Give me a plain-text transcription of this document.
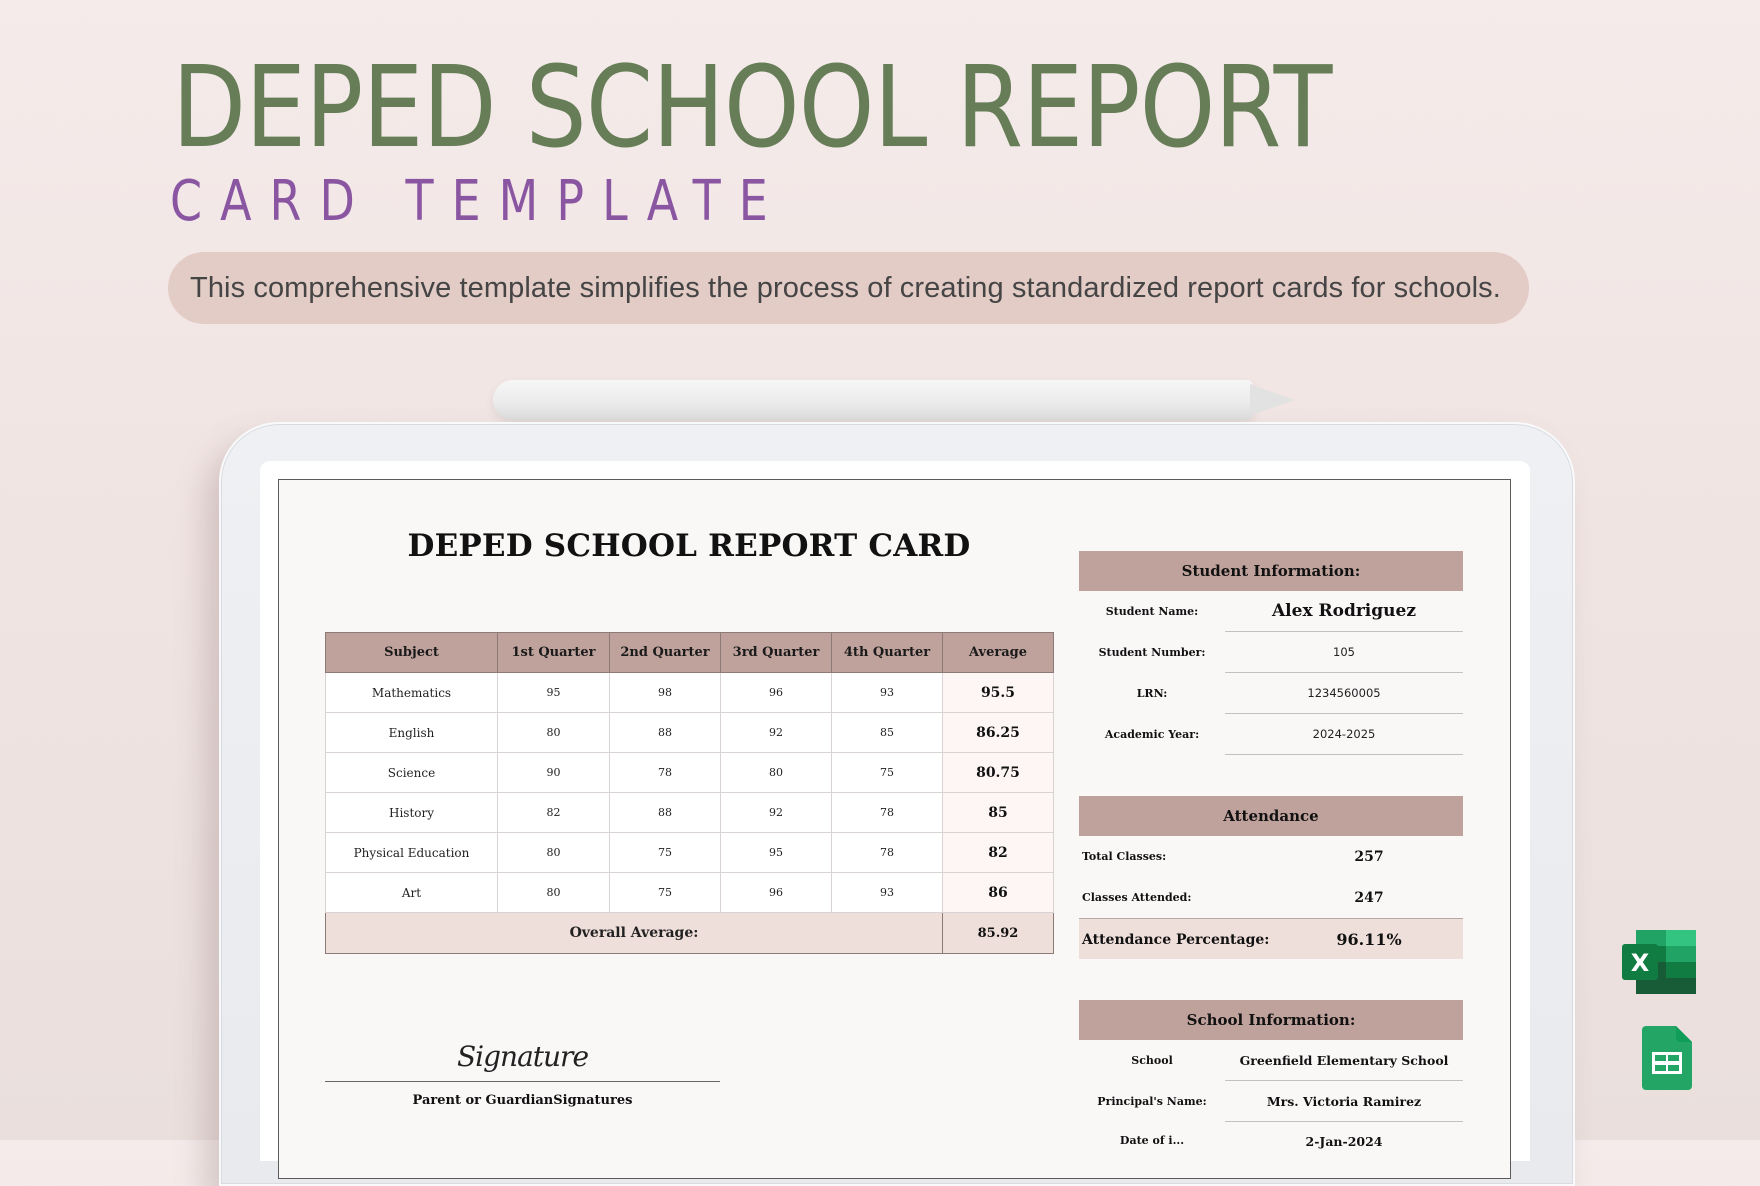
DEPED SCHOOL REPORT
CARD TEMPLATE
This comprehensive template simplifies the process of creating standardized report cards for schools.
DEPED SCHOOL REPORT CARD
Subject	1st Quarter	2nd Quarter	3rd Quarter	4th Quarter	Average
Mathematics	95	98	96	93	95.5
English	80	88	92	85	86.25
Science	90	78	80	75	80.75
History	82	88	92	78	85
Physical Education	80	75	95	78	82
Art	80	75	96	93	86
Overall Average:					85.92
Student Information:
Student Name:	Alex Rodriguez
Student Number:	105
LRN:	1234560005
Academic Year:	2024-2025
Attendance
Total Classes:	257
Classes Attended:	247
Attendance Percentage:	96.11%
School Information:
School	Greenfield Elementary School
Principal's Name:	Mrs. Victoria Ramirez
Date of i...	2-Jan-2024
Signature
Parent or GuardianSignatures
X
